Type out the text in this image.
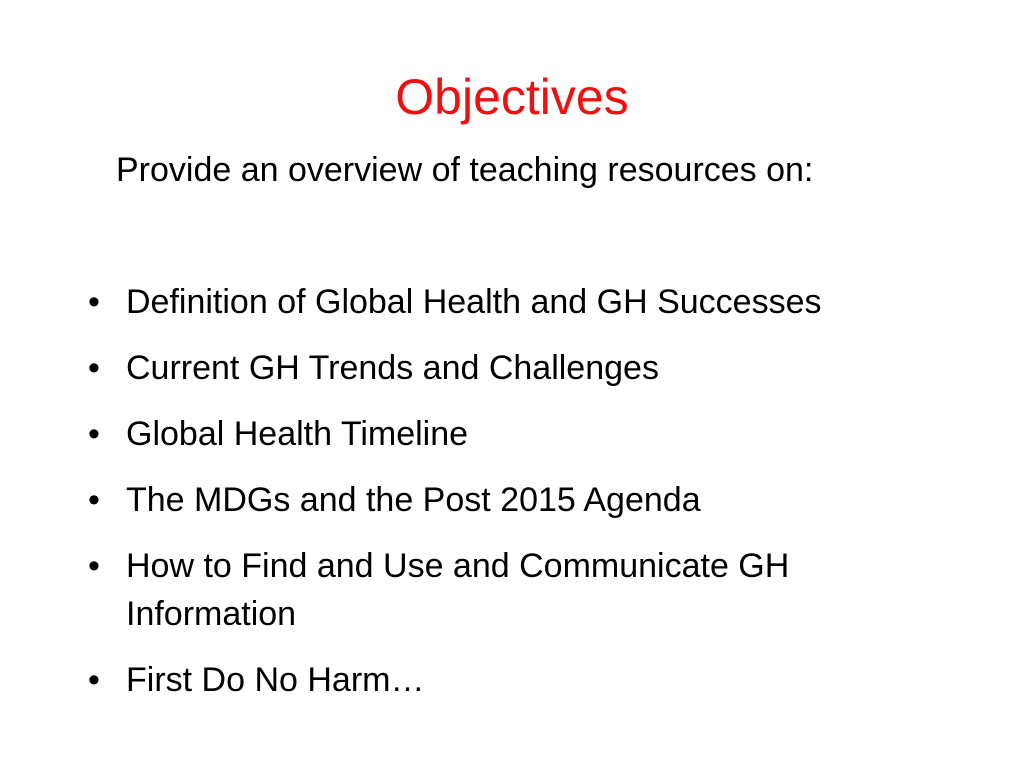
Objectives

Provide an overview of teaching resources on:

• Definition of Global Health and GH Successes
• Current GH Trends and Challenges
• Global Health Timeline
• The MDGs and the Post 2015 Agenda
• How to Find and Use and Communicate GH Information
• First Do No Harm…
